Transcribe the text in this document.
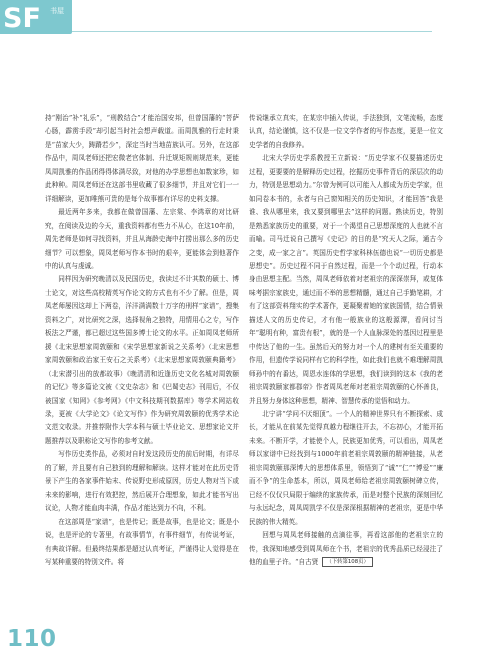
SF	书屋

持“刚治”补“礼乐”，“刑教结合”才能治国安邦，但曾国藩的“菩萨心肠，霹雳手段”却引起当时社会想声载道。而周凯雅的行走时秉是“苗家大少，踌蹐若少”，深定当时当地苗族认可。另外，在这部作品中，周凤老师还把宏微老官体制、升迁规矩规则规范来，更能凤周凯雅的作品团得得体满尽致，对他的办学思想也如数家珍，如此种种。周凤老师还在这部书里收藏了很多细节，并且对它们一一详细解读，更加唯熊可贵的是每个故事都有详尽的史料支撑。

最近两年多来，我都在做曾国藩、左宗棠、李鸿章的对比研究，在阅读及边的今天，重我资料都有些力不从心，在这10年前，周先老师是如何寻找资料，并且从海龄史海中打捞出那么多的历史细节？可以想象，周凤老师写作本书时的艰辛，更能体会到他著作中的认真与虔诚。

同样因为研究晚清以及民国历史，我读过不计其数的硕士、博士论文，对这些高校精英写作论文的方式也有不少了解。但是，周凤老师屡因这却上下两卷，洋洋满满数十万字的刑样“家谱”，搜集资料之广，对比研究之深，选择视角之独特，用情用心之专，写作板法之严谨，都已超过这些国多博士论文的水平。正如周凤老师所援《北宋思想家周敦颐和《宋学思想家新说之关系考》（北宋思想家周敦颐和政治家王安石之关系考）《北宋思想家周敦颐典籍考》（北宋潜引出的放都故事）《晚清清和近逢历史文化名城对周敦颐的记忆》等多篇论文被《文史杂志》和《巴蜀史志》刊用后，不仅被国家《知网》《参考网》《中文科技期刊数据库》等学术网站收录，更被《大学论文》《论文写作》作为研究周敦颐的优秀学术论文范文收录。并推荐附作大学本科与硕士毕业论文、思想家论文并题推荐以及职称论文写作的参考文献。

写作历史类作品，必须对自时发这段历史的前后时期，有详尽的了解，并且要有自己独到的理解和解读。这样才能对在此历史背景下产生的各家事件始末、传说野史形成原因，历史人物对当下或未来的影响，进行有效把控，然后展开合理想象，如此才能书写出议论，人物才能血肉丰满，作品才能达到力不向，不利。

在这部周是“家谱”，也是传记；既是故事，也是论文；既是小说，也是评论的专著里，有故事情节，有事件细节，有传说考证，有典故详解。但最终结果都是超过认真考证，严谨得让人觉得是在写某种重要的特别文件。将

传说继承立真实，在某宗申插入传说，手法独到，文笔流畅，态度认真，结论谨慎，这不仅是一位文学作者的写作态度，更是一位文史学者的自我修养。

北宋大学历史学系教授王立新说：“历史学家不仅要描述历史过程，更要要的是解释历史过程，挖掘历史事件背后的深层次的动力，特别是思想动力。”尔曾为例可以可能入人都成为历史学家，但如同卷本书的，永者与自己窗知相关的历史知识，才能回答“我是谁、我从哪里来，我又要到哪里去”这样的问题。熟读历史，特别是熟悉家族历史的重要，对于一个渴望自己思想深度的人也就不言而喻。司马迁说自己撰写《史记》的目的是“究天人之际，通古今之变，成一家之言”。英国历史哲学家科林伍德也说“一切历史都是思想史”。历史过程不同于自然过程，而是一个个动过程，行动本身由思想主配。当然，周凤老师依着对老祖宗的深深崇拜，或复体味考据宗家族史，通过而不举的思想精髓，通过自己手勤笔耕，才有了这部资料翔实的学术著作，更凝聚着她的家族国情，结合情景描述人文的历史传记，才有他一般族业的这般源潭，看问讨当年“聪明有种，富贵有根”，就的是一个人血脉深处的基因过程里是中传达了他的一生。虽然后天的努力对一个人的建树有至关重要的作用，但遗传学说同样有它的科学性，如此我们也就不难理解周凯师孙中的有番达，周恩水连体的学思想，我们读到的这本《我的老祖宗周敦颐家都郡帝》作者周凤老师对老祖宗周敦颐的心怀善良，并且努力身体这种思想，精神、智慧传承的觉悟和动力。

北宁讲“学问不厌细顶”。一个人的精神世界只有不断探索、成长，才能从在前某先觉得真越力程继往开去，不忘初心，才能开拓未来。不断开学，才能使个人，民族更加优秀，可以看出，周凤老师以家谱中已经找到与1000年前老祖宗周敦颐的精神链接，从老祖宗周敦颐那深博大的思想体系里，领悟到了“诚”“仁”“博爱”“廉而不争”的生命基本，所以，周凤老师给老祖宗周敦颐树碑立传，已经不仅仅只局限于编续的家族传承，而是对整个民族的深刻回忆与永远纪念，周凤周凯学不仅是深深根据精神的老祖宗，更是中华民族的伟大精英。

回想与周凤老师接触的点滴往事，再看这部他的老祖宗立的传，我深知地感受到周凤师在个书，老祖宗的优秀品质已经浸注了他的血里子许。“自古贤 （下转第108页）

110
